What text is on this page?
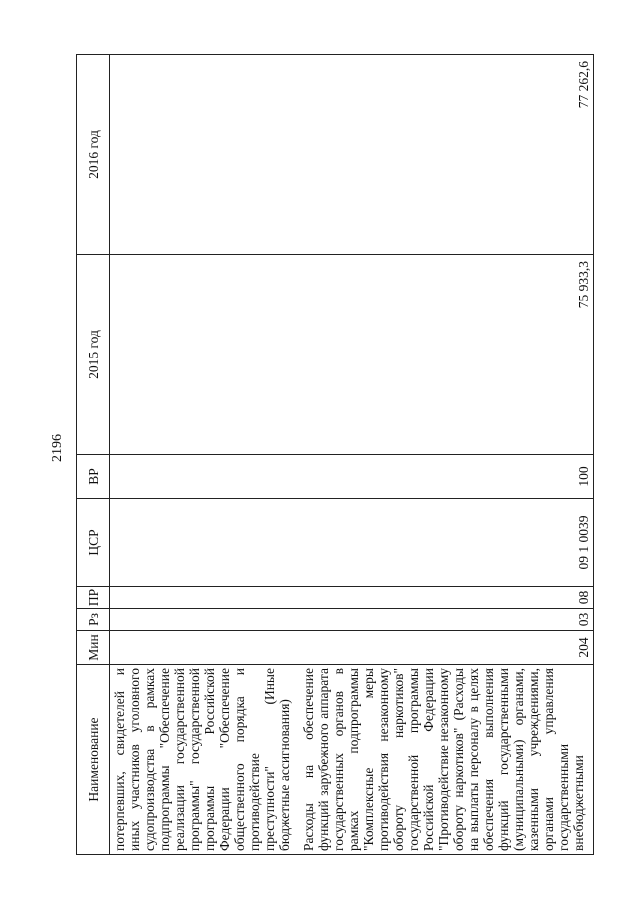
2196
Наименование	Мин	Рз	ПР	ЦСР	ВР	2015 год	2016 год
потерпевших, свидетелей и иных участников уголовного судопроизводства в рамках подпрограммы "Обеспечение реализации государственной программы" государственной программы Российской Федерации "Обеспечение общественного порядка и противодействие преступности" (Иные бюджетные ассигнования)							
Расходы на обеспечение функций зарубежного аппарата государственных органов в рамках подпрограммы "Комплексные меры противодействия незаконному обороту наркотиков" государственной программы Российской Федерации "Противодействие незаконному обороту наркотиков" (Расходы на выплаты персоналу в целях обеспечения выполнения функций государственными (муниципальными) органами, казенными учреждениями, органами управления государственными внебюджетными	204	03	08	09 1 0039	100	75 933,3	77 262,6
